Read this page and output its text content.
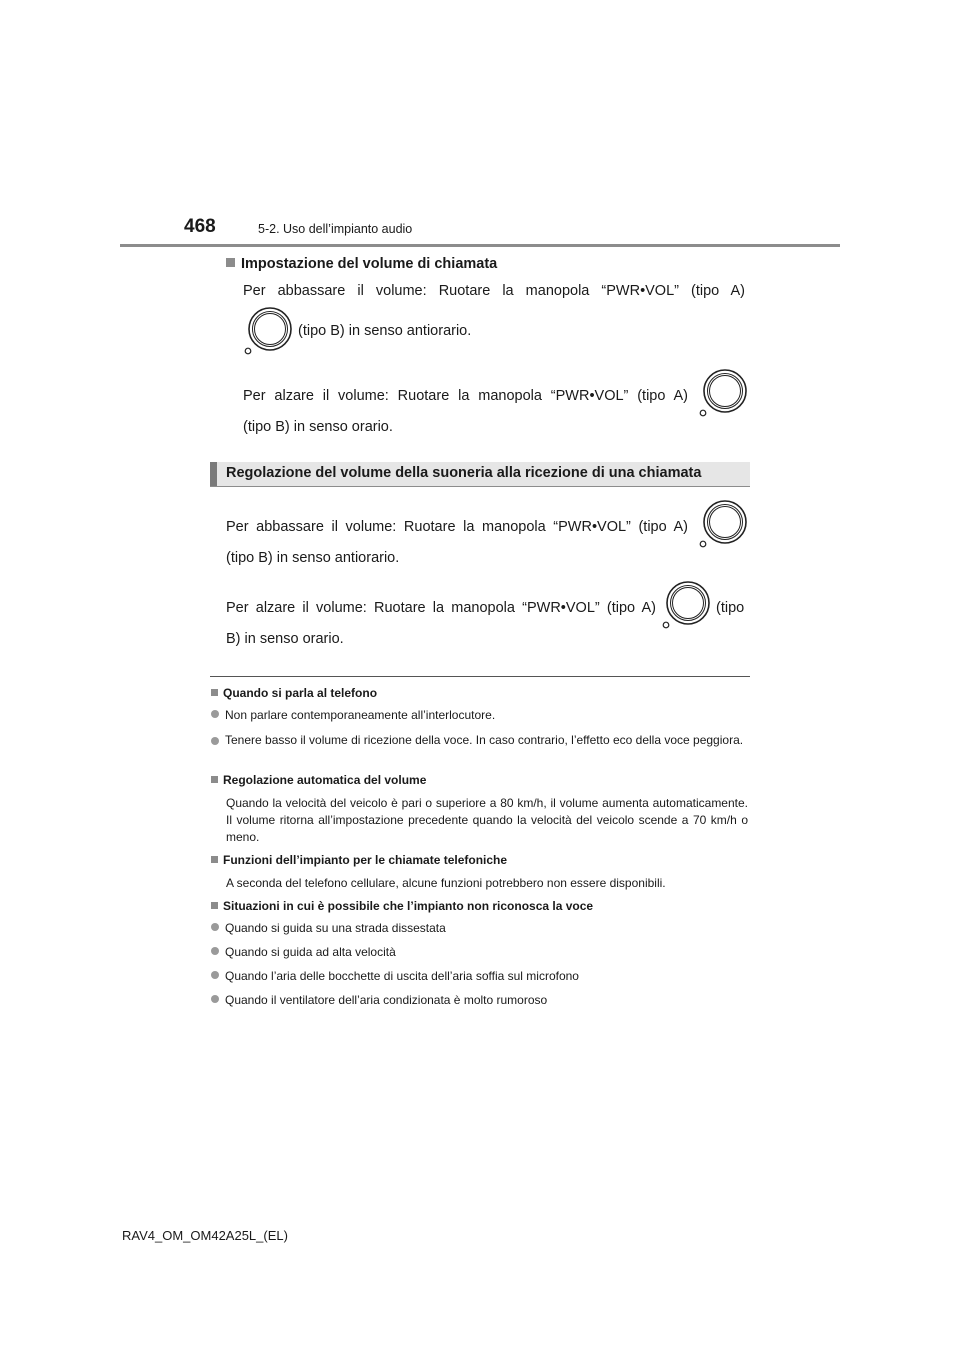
468	5-2. Uso dell’impianto audio
Impostazione del volume di chiamata
Per abbassare il volume: Ruotare la manopola “PWR•VOL” (tipo A)
(tipo B) in senso antiorario.
Per alzare il volume: Ruotare la manopola “PWR•VOL” (tipo A)
(tipo B) in senso orario.
Regolazione del volume della suoneria alla ricezione di una chiamata
Per abbassare il volume: Ruotare la manopola “PWR•VOL” (tipo A)
(tipo B) in senso antiorario.
Per alzare il volume: Ruotare la manopola “PWR•VOL” (tipo A)	(tipo
B) in senso orario.
Quando si parla al telefono
Non parlare contemporaneamente all’interlocutore.
Tenere basso il volume di ricezione della voce. In caso contrario, l’effetto eco della voce peggiora.
Regolazione automatica del volume
Quando la velocità del veicolo è pari o superiore a 80 km/h, il volume aumenta automaticamente. Il volume ritorna all’impostazione precedente quando la velocità del veicolo scende a 70 km/h o meno.
Funzioni dell’impianto per le chiamate telefoniche
A seconda del telefono cellulare, alcune funzioni potrebbero non essere disponibili.
Situazioni in cui è possibile che l’impianto non riconosca la voce
Quando si guida su una strada dissestata
Quando si guida ad alta velocità
Quando l’aria delle bocchette di uscita dell’aria soffia sul microfono
Quando il ventilatore dell’aria condizionata è molto rumoroso
RAV4_OM_OM42A25L_(EL)
